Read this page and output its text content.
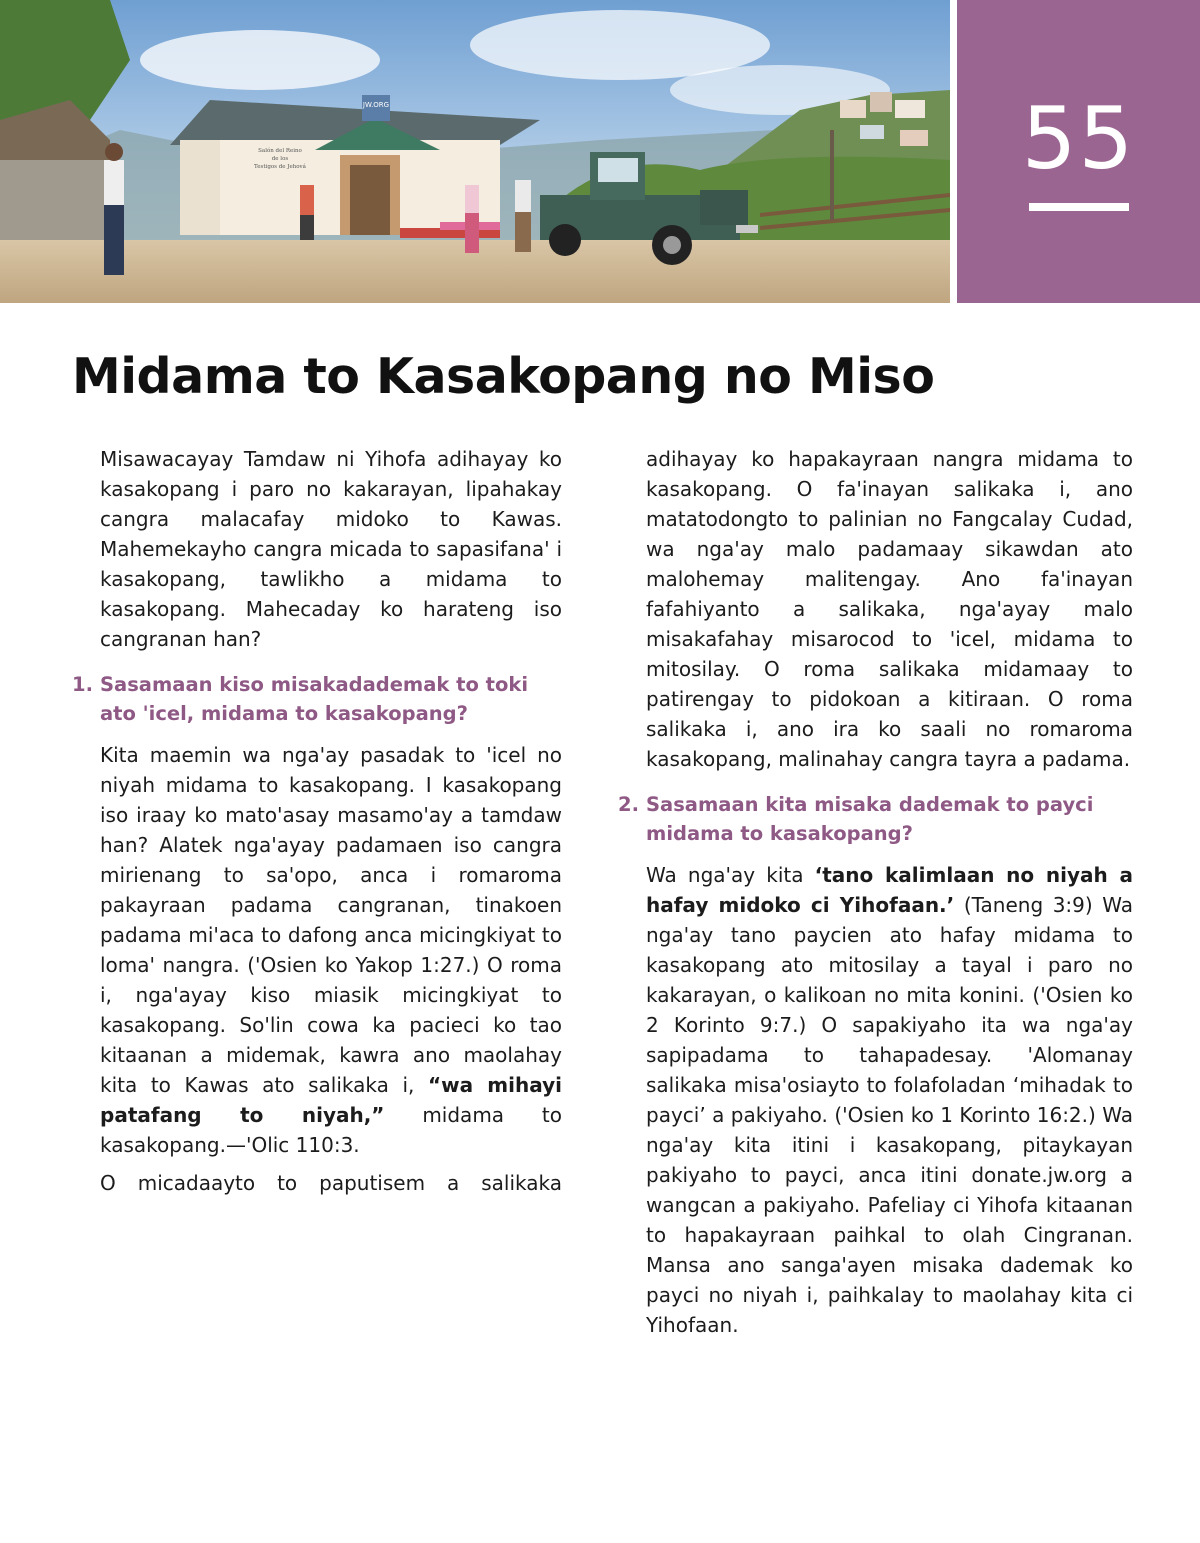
JW.ORG
Salón del Reino
de los
Testigos de Jehová	55
Midama to Kasakopang no Miso

Misawacayay Tamdaw ni Yihofa adihayay ko kasakopang i paro no kakarayan, lipahakay cangra malacafay midoko to Kawas. Mahemekayho cangra micada to sapasifana' i kasakopang, tawlikho a midama to kasakopang. Mahecaday ko harateng iso cangranan han?

1. Sasamaan kiso misakadademak to toki ato 'icel, midama to kasakopang?

Kita maemin wa nga'ay pasadak to 'icel no niyah midama to kasakopang. I kasakopang iso iraay ko mato'asay masamo'ay a tamdaw han? Alatek nga'ayay padamaen iso cangra mirienang to sa'opo, anca i romaroma pakayraan padama cangranan, tinakoen padama mi'aca to dafong anca micingkiyat to loma' nangra. ('Osien ko Yakop 1:27.) O roma i, nga'ayay kiso miasik micingkiyat to kasakopang. So'lin cowa ka pacieci ko tao kitaanan a midemak, kawra ano maolahay kita to Kawas ato salikaka i, “wa mihayi patafang to niyah,” midama to kasakopang.—'Olic 110:3.

O micadaayto to paputisem a salikaka

adihayay ko hapakayraan nangra midama to kasakopang. O fa'inayan salikaka i, ano matatodongto to palinian no Fangcalay Cudad, wa nga'ay malo padamaay sikawdan ato malohemay malitengay. Ano fa'inayan fafahiyanto a salikaka, nga'ayay malo misakafahay misarocod to 'icel, midama to mitosilay. O roma salikaka midamaay to patirengay to pidokoan a kitiraan. O roma salikaka i, ano ira ko saali no romaroma kasakopang, malinahay cangra tayra a padama.

2. Sasamaan kita misaka dademak to payci midama to kasakopang?

Wa nga'ay kita ‘tano kalimlaan no niyah a hafay midoko ci Yihofaan.’ (Taneng 3:9) Wa nga'ay tano paycien ato hafay midama to kasakopang ato mitosilay a tayal i paro no kakarayan, o kalikoan no mita konini. ('Osien ko 2 Korinto 9:7.) O sapakiyaho ita wa nga'ay sapipadama to tahapadesay. 'Alomanay salikaka misa'osiayto to folafoladan ‘mihadak to payci’ a pakiyaho. ('Osien ko 1 Korinto 16:2.) Wa nga'ay kita itini i kasakopang, pitaykayan pakiyaho to payci, anca itini donate.jw.org a wangcan a pakiyaho. Pafeliay ci Yihofa kitaanan to hapakayraan paihkal to olah Cingranan. Mansa ano sanga'ayen misaka dademak ko payci no niyah i, paihkalay to maolahay kita ci Yihofaan.
